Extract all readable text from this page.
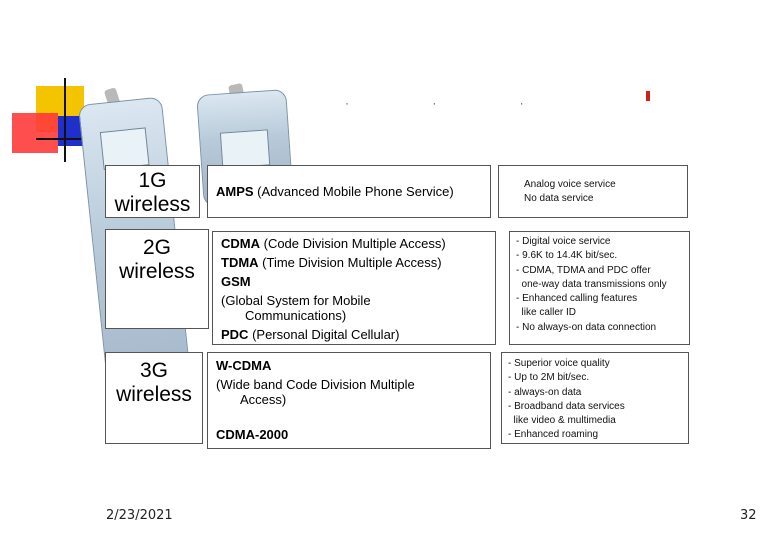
· · ·
1G
wireless
AMPS (Advanced Mobile Phone Service)	Analog voice service
No data service
2G
wireless
CDMA (Code Division Multiple Access)
TDMA (Time Division Multiple Access)
GSM
(Global System for Mobile
Communications)
PDC (Personal Digital Cellular)
- Digital voice service
- 9.6K to 14.4K bit/sec.
- CDMA, TDMA and PDC offer
one-way data transmissions only
- Enhanced calling features
like caller ID
- No always-on data connection
3G
wireless
W-CDMA
(Wide band Code Division Multiple
Access)
CDMA-2000
- Superior voice quality
- Up to 2M bit/sec.
- always-on data
- Broadband data services
like video & multimedia
- Enhanced roaming
2/23/2021	32
